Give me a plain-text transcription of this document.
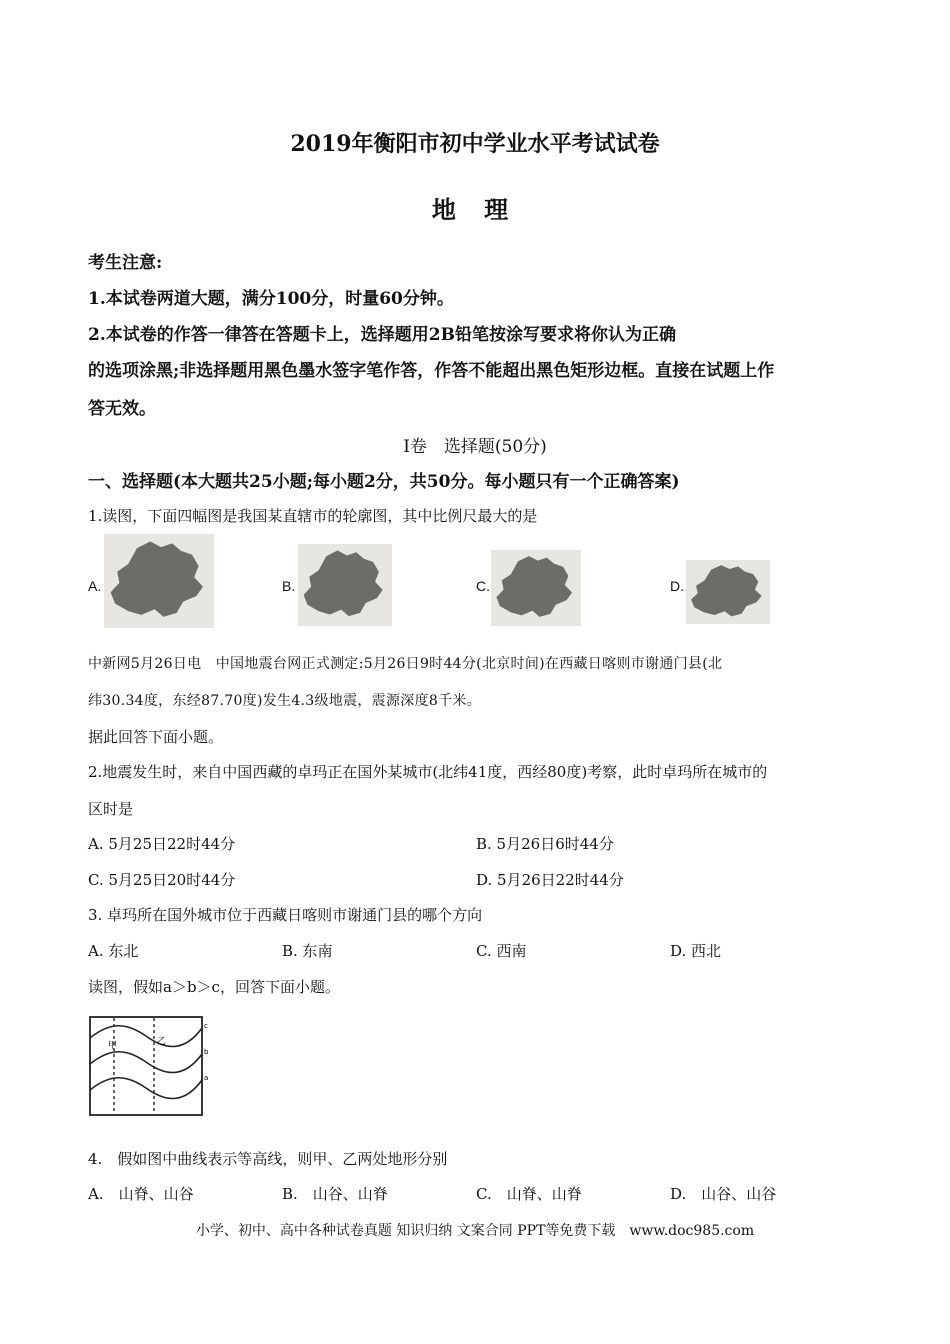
2019年衡阳市初中学业水平考试试卷
地 理
考生注意:
1.本试卷两道大题，满分100分，时量60分钟。
2.本试卷的作答一律答在答题卡上，选择题用2B铅笔按涂写要求将你认为正确
的选项涂黑;非选择题用黑色墨水签字笔作答，作答不能超出黑色矩形边框。直接在试题上作
答无效。
Ⅰ卷　选择题(50分)
一、选择题(本大题共25小题;每小题2分，共50分。每小题只有一个正确答案)
1.读图，下面四幅图是我国某直辖市的轮廓图，其中比例尺最大的是
A.	B.	C.	D.
中新网5月26日电　中国地震台网正式测定:5月26日9时44分(北京时间)在西藏日喀则市谢通门县(北
纬30.34度，东经87.70度)发生4.3级地震，震源深度8千米。
据此回答下面小题。
2.地震发生时，来自中国西藏的卓玛正在国外某城市(北纬41度，西经80度)考察，此时卓玛所在城市的
区时是
A. 5月25日22时44分	B. 5月26日6时44分
C. 5月25日20时44分	D. 5月26日22时44分
3. 卓玛所在国外城市位于西藏日喀则市谢通门县的哪个方向
A. 东北	B. 东南	C. 西南	D. 西北
读图，假如a＞b＞c，回答下面小题。
甲	乙
c
b
a
4.　假如图中曲线表示等高线，则甲、乙两处地形分别
A.　山脊、山谷	B.　山谷、山脊	C.　山脊、山脊	D.　山谷、山谷
小学、初中、高中各种试卷真题 知识归纳 文案合同 PPT等免费下载　www.doc985.com
